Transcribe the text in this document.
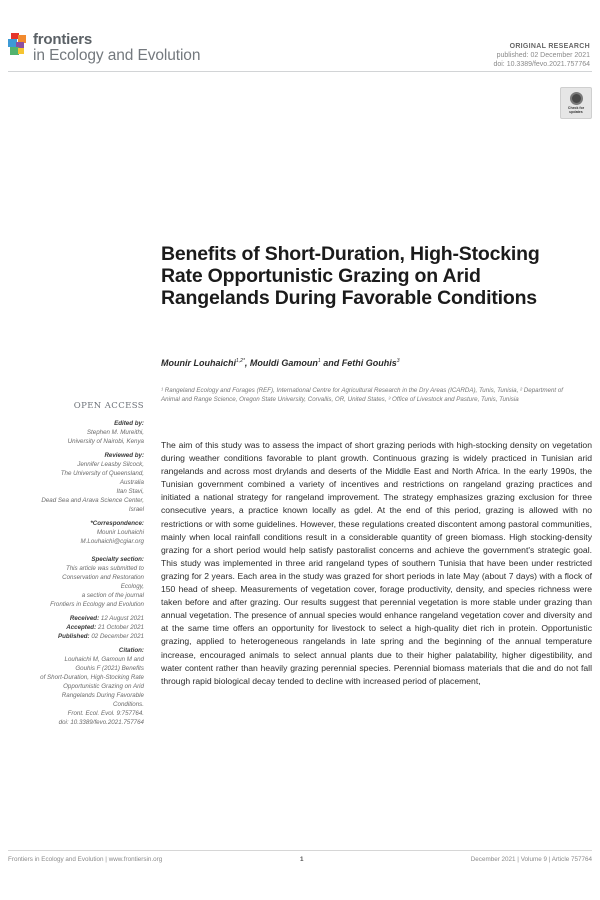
frontiers
in Ecology and Evolution
ORIGINAL RESEARCH
published: 02 December 2021
doi: 10.3389/fevo.2021.757764
Check for updates
Benefits of Short-Duration, High-Stocking Rate Opportunistic Grazing on Arid Rangelands During Favorable Conditions
Mounir Louhaichi$^{1,2*}$, Mouldi Gamoun$^1$ and Fethi Gouhis$^3$
¹ Rangeland Ecology and Forages (REF), International Centre for Agricultural Research in the Dry Areas (ICARDA), Tunis, Tunisia, ² Department of Animal and Range Science, Oregon State University, Corvallis, OR, United States, ³ Office of Livestock and Pasture, Tunis, Tunisia
OPEN ACCESS
Edited by:
Stephen M. Mureithi,
University of Nairobi, Kenya
Reviewed by:
Jennifer Leasby Silcock,
The University of Queensland,
Australia
Itan Stavi,
Dead Sea and Arava Science Center,
Israel
*Correspondence:
Mounir Louhaichi
M.Louhaichi@cgiar.org
Specialty section:
This article was submitted to
Conservation and Restoration
Ecology,
a section of the journal
Frontiers in Ecology and Evolution
Received: 12 August 2021
Accepted: 21 October 2021
Published: 02 December 2021
Citation:
Louhaichi M, Gamoun M and
Gouhis F (2021) Benefits
of Short-Duration, High-Stocking Rate
Opportunistic Grazing on Arid
Rangelands During Favorable
Conditions.
Front. Ecol. Evol. 9:757764.
doi: 10.3389/fevo.2021.757764

The aim of this study was to assess the impact of short grazing periods with high-stocking density on vegetation during weather conditions favorable to plant growth. Continuous grazing is widely practiced in Tunisian arid rangelands and across most drylands and deserts of the Middle East and North Africa. In the early 1990s, the Tunisian government combined a variety of incentives and restrictions on rangeland grazing practices and initiated a national strategy for rangeland improvement. The strategy emphasizes grazing exclusion for three consecutive years, a practice known locally as gdel. At the end of this period, grazing is allowed with no restrictions or with some guidelines. However, these regulations created discontent among pastoral communities, mainly when local rainfall conditions result in a considerable quantity of green biomass. High stocking-density grazing for a short period would help satisfy pastoralist concerns and achieve the government's strategic goal. This study was implemented in three arid rangeland types of southern Tunisia that have been under restricted grazing for 2 years. Each area in the study was grazed for short periods in late May (about 7 days) with a flock of 150 head of sheep. Measurements of vegetation cover, forage productivity, density, and species richness were taken before and after grazing. Our results suggest that perennial vegetation is more stable under grazing than annual vegetation. The presence of annual species would enhance rangeland vegetation cover and diversity and at the same time offers an opportunity for livestock to select a high-quality diet rich in protein. Opportunistic grazing, applied to heterogeneous rangelands in late spring and the beginning of the annual temperature increase, encouraged animals to select annual plants due to their higher palatability, higher digestibility, and water content rather than heavily grazing perennial species. Perennial biomass materials that die and do not fall through rapid biological decay tended to decline with increased period of placement,

Frontiers in Ecology and Evolution | www.frontiersin.org	1	December 2021 | Volume 9 | Article 757764
